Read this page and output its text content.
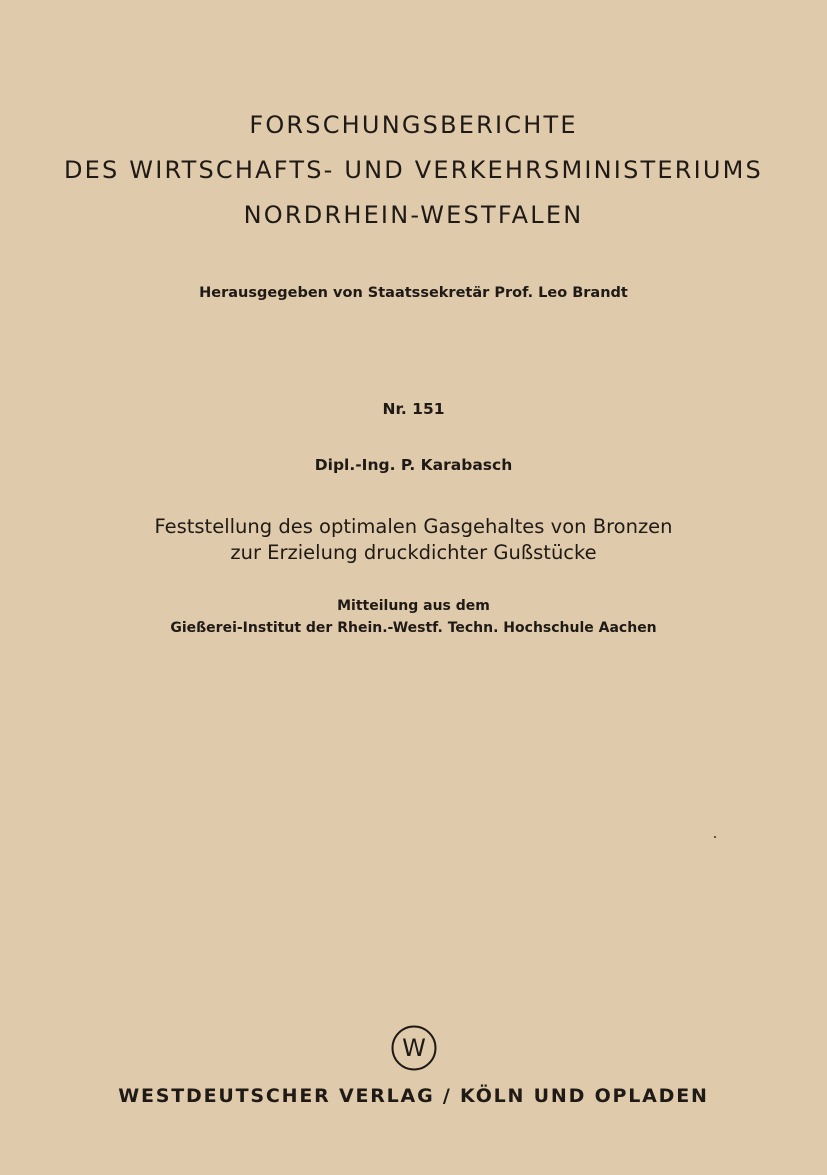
FORSCHUNGSBERICHTE
DES WIRTSCHAFTS- UND VERKEHRSMINISTERIUMS
NORDRHEIN-WESTFALEN

Herausgegeben von Staatssekretär Prof. Leo Brandt

Nr. 151

Dipl.-Ing. P. Karabasch

Feststellung des optimalen Gasgehaltes von Bronzen
zur Erzielung druckdichter Gußstücke

Mitteilung aus dem

Gießerei-Institut der Rhein.-Westf. Techn. Hochschule Aachen

W

WESTDEUTSCHER VERLAG / KÖLN UND OPLADEN
